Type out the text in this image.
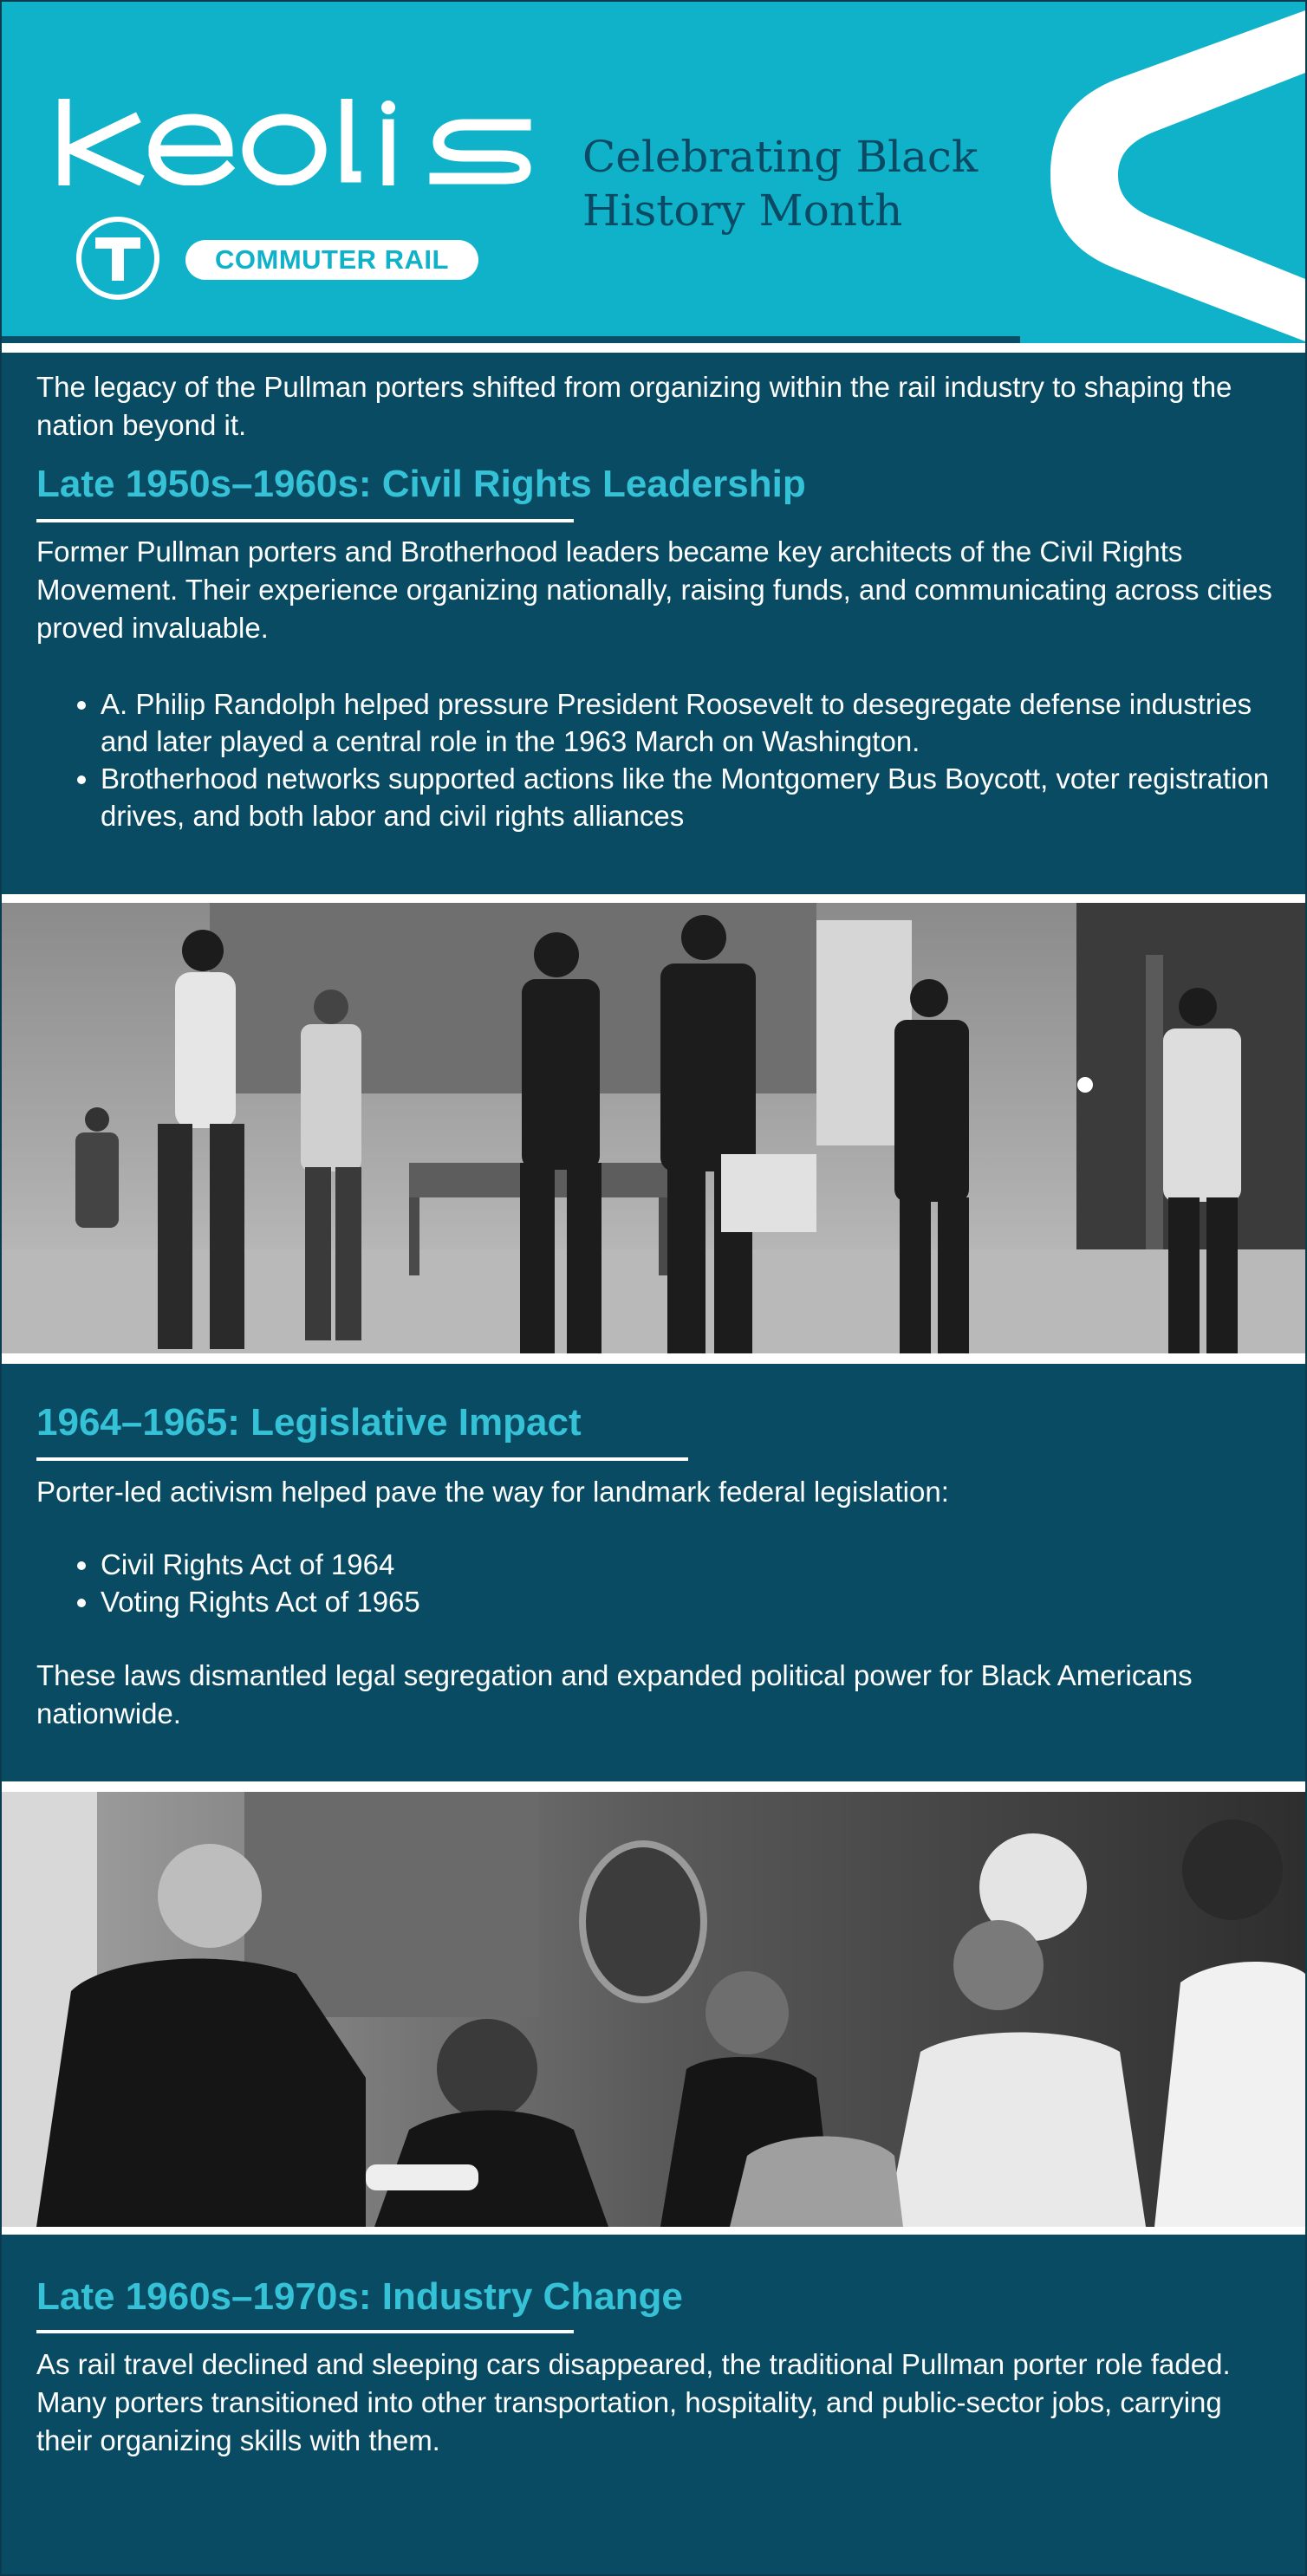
COMMUTER RAIL
Celebrating Black
History Month

The legacy of the Pullman porters shifted from organizing within the rail industry to shaping the nation beyond it.

Late 1950s–1960s: Civil Rights Leadership

Former Pullman porters and Brotherhood leaders became key architects of the Civil Rights Movement. Their experience organizing nationally, raising funds, and communicating across cities proved invaluable.

• A. Philip Randolph helped pressure President Roosevelt to desegregate defense industries and later played a central role in the 1963 March on Washington.
• Brotherhood networks supported actions like the Montgomery Bus Boycott, voter registration drives, and both labor and civil rights alliances
1964–1965: Legislative Impact

Porter-led activism helped pave the way for landmark federal legislation:

• Civil Rights Act of 1964
• Voting Rights Act of 1965

These laws dismantled legal segregation and expanded political power for Black Americans nationwide.

Late 1960s–1970s: Industry Change

As rail travel declined and sleeping cars disappeared, the traditional Pullman porter role faded. Many porters transitioned into other transportation, hospitality, and public-sector jobs, carrying their organizing skills with them.
